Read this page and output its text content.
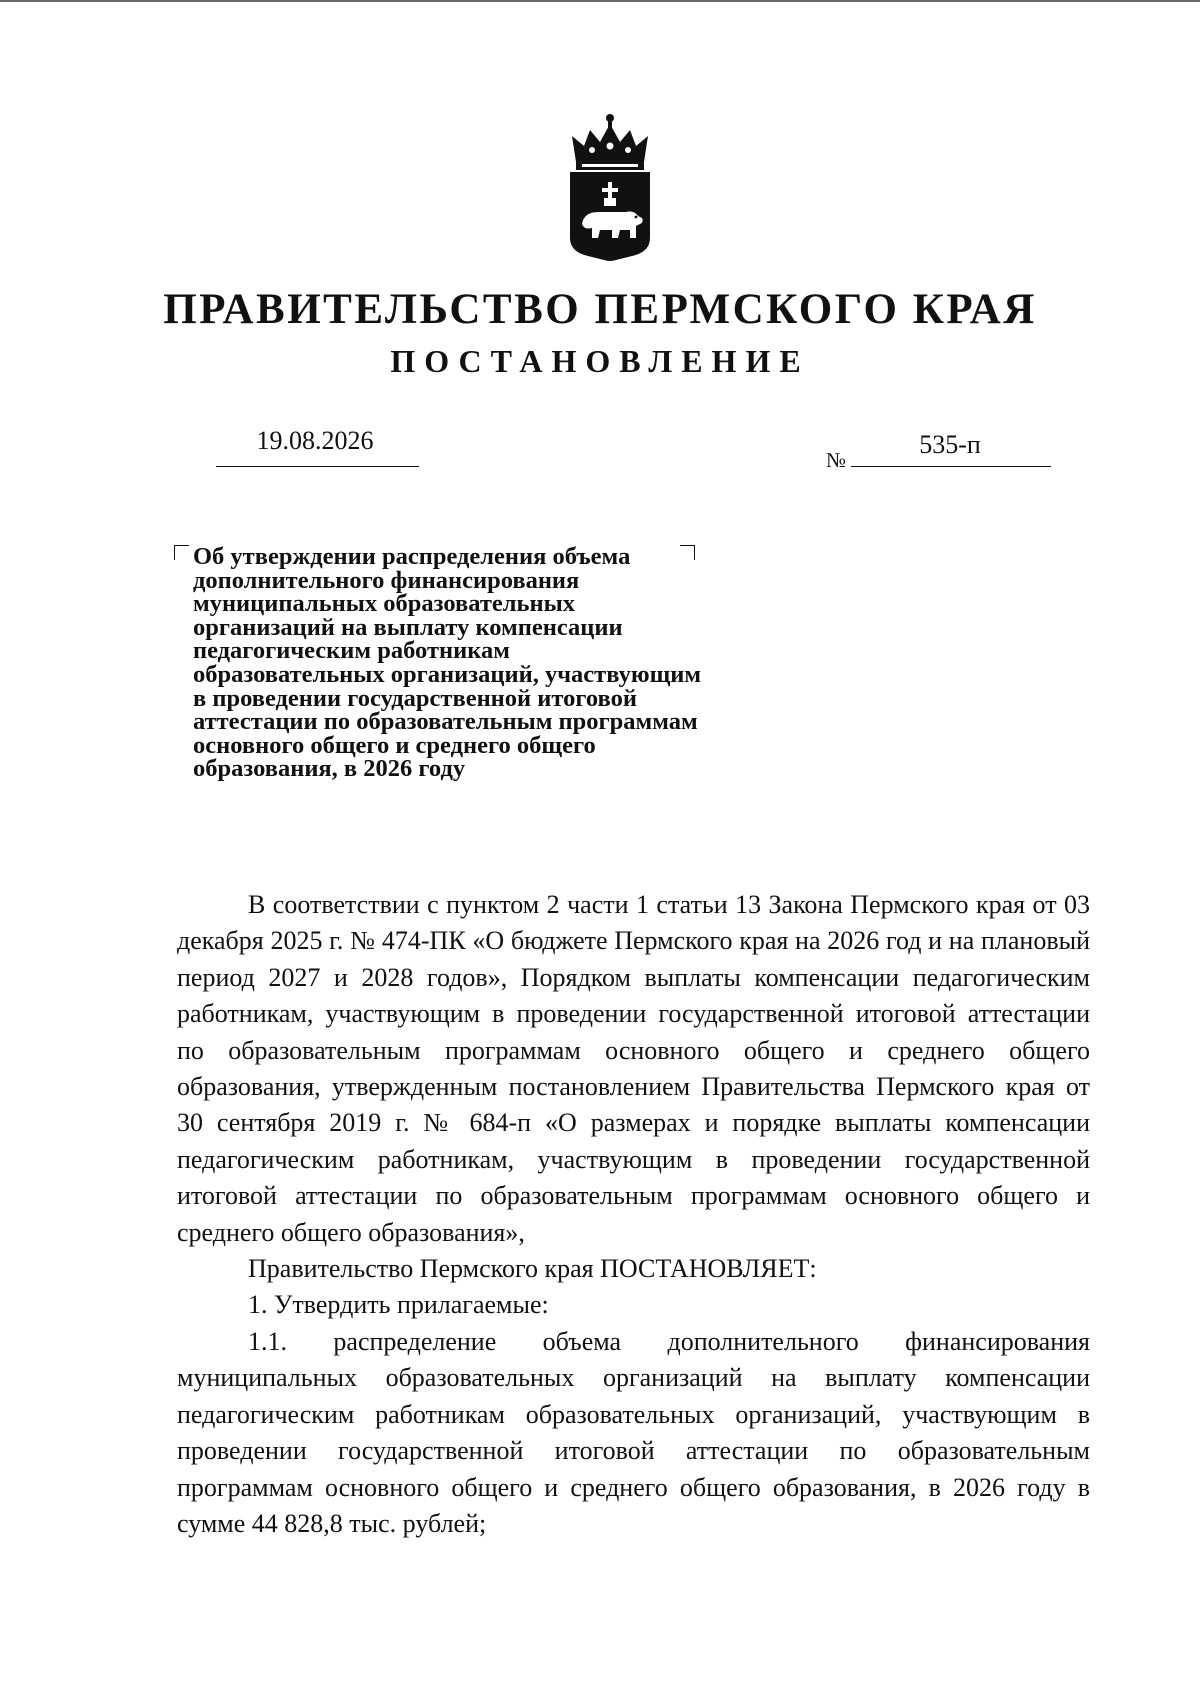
ПРАВИТЕЛЬСТВО ПЕРМСКОГО КРАЯ
ПОСТАНОВЛЕНИЕ
19.08.2026
№
535-п

Об утверждении распределения объема
дополнительного финансирования
муниципальных образовательных
организаций на выплату компенсации
педагогическим работникам
образовательных организаций, участвующим
в проведении государственной итоговой
аттестации по образовательным программам
основного общего и среднего общего
образования, в 2026 году

В соответствии с пунктом 2 части 1 статьи 13 Закона Пермского края от 03 декабря 2025 г. № 474-ПК «О бюджете Пермского края на 2026 год и на плановый период 2027 и 2028 годов», Порядком выплаты компенсации педагогическим работникам, участвующим в проведении государственной итоговой аттестации по образовательным программам основного общего и среднего общего образования, утвержденным постановлением Правительства Пермского края от 30 сентября 2019 г. № 684-п «О размерах и порядке выплаты компенсации педагогическим работникам, участвующим в проведении государственной итоговой аттестации по образовательным программам основного общего и среднего общего образования»,

Правительство Пермского края ПОСТАНОВЛЯЕТ:

1. Утвердить прилагаемые:

1.1. распределение объема дополнительного финансирования муниципальных образовательных организаций на выплату компенсации педагогическим работникам образовательных организаций, участвующим в проведении государственной итоговой аттестации по образовательным программам основного общего и среднего общего образования, в 2026 году в сумме 44 828,8 тыс. рублей;
